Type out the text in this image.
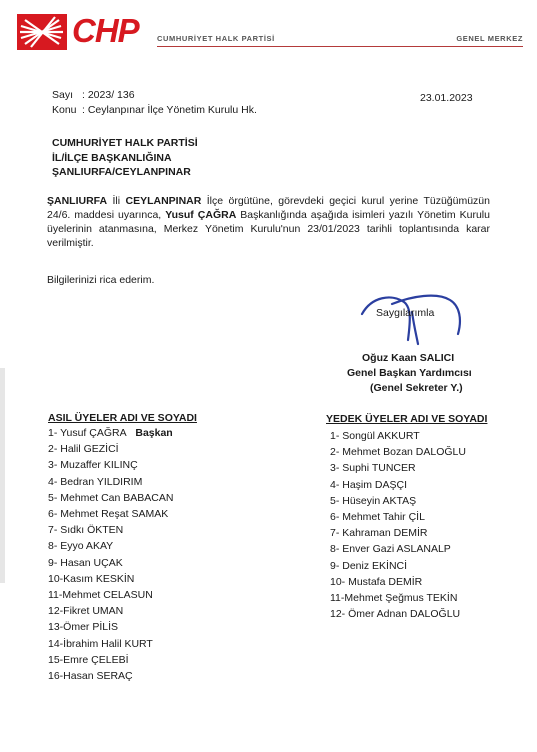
CHP CUMHURİYET HALK PARTİSİ	GENEL MERKEZ
Sayı : 2023/ 136
Konu : Ceylanpınar İlçe Yönetim Kurulu Hk.
23.01.2023
CUMHURİYET HALK PARTİSİ
İL/İLÇE BAŞKANLIĞINA
ŞANLIURFA/CEYLANPINAR
ŞANLIURFA İli CEYLANPINAR İlçe örgütüne, görevdeki geçici kurul yerine Tüzüğümüzün 24/6. maddesi uyarınca, Yusuf ÇAĞRA Başkanlığında aşağıda isimleri yazılı Yönetim Kurulu üyelerinin atanmasına, Merkez Yönetim Kurulu'nun 23/01/2023 tarihli toplantısında karar verilmiştir.
Bilgilerinizi rica ederim.
Saygılarımla
Oğuz Kaan SALICI
Genel Başkan Yardımcısı
(Genel Sekreter Y.)
ASIL ÜYELER ADI VE SOYADI
1- Yusuf ÇAĞRA Başkan
2- Halil GEZİCİ
3- Muzaffer KILINÇ
4- Bedran YILDIRIM
5- Mehmet Can BABACAN
6- Mehmet Reşat SAMAK
7- Sıdkı ÖKTEN
8- Eyyo AKAY
9- Hasan UÇAK
10-Kasım KESKİN
11-Mehmet CELASUN
12-Fikret UMAN
13-Ömer PİLİS
14-İbrahim Halil KURT
15-Emre ÇELEBİ
16-Hasan SERAÇ
YEDEK ÜYELER ADI VE SOYADI
1- Songül AKKURT
2- Mehmet Bozan DALOĞLU
3- Suphi TUNCER
4- Haşim DAŞÇI
5- Hüseyin AKTAŞ
6- Mehmet Tahir ÇİL
7- Kahraman DEMİR
8- Enver Gazi ASLANALP
9- Deniz EKİNCİ
10- Mustafa DEMİR
11-Mehmet Şeğmus TEKİN
12- Ömer Adnan DALOĞLU
